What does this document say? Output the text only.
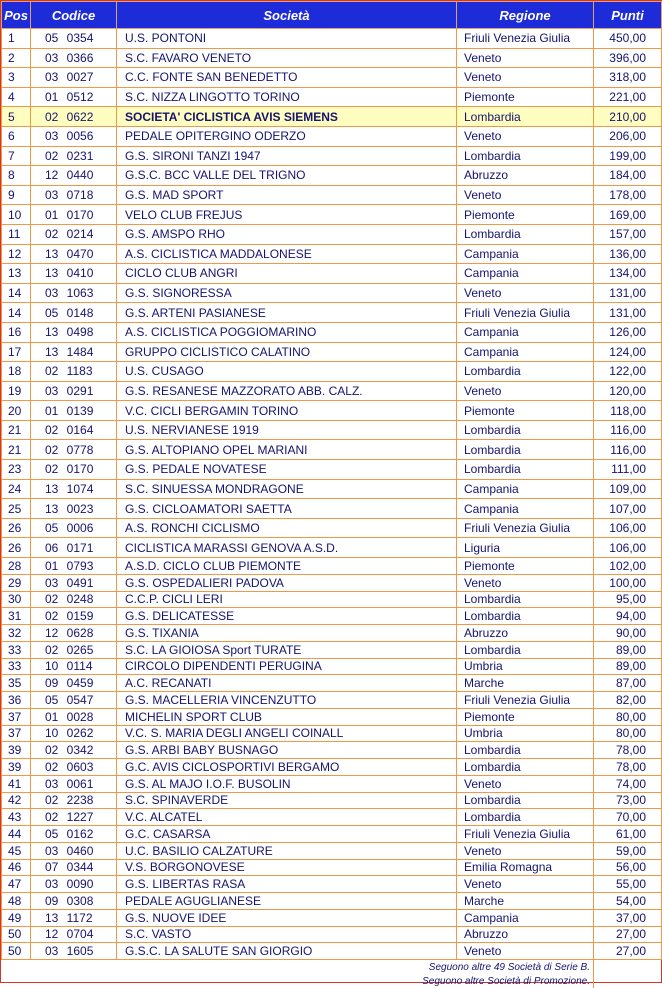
Pos	Codice	Società	Regione	Punti
1	05 0354	U.S. PONTONI	Friuli Venezia Giulia	450,00
2	03 0366	S.C. FAVARO VENETO	Veneto	396,00
3	03 0027	C.C. FONTE SAN BENEDETTO	Veneto	318,00
4	01 0512	S.C. NIZZA LINGOTTO TORINO	Piemonte	221,00
5	02 0622	SOCIETA' CICLISTICA AVIS SIEMENS	Lombardia	210,00
6	03 0056	PEDALE OPITERGINO ODERZO	Veneto	206,00
7	02 0231	G.S. SIRONI TANZI 1947	Lombardia	199,00
8	12 0440	G.S.C. BCC VALLE DEL TRIGNO	Abruzzo	184,00
9	03 0718	G.S. MAD SPORT	Veneto	178,00
10	01 0170	VELO CLUB FREJUS	Piemonte	169,00
11	02 0214	G.S. AMSPO RHO	Lombardia	157,00
12	13 0470	A.S. CICLISTICA MADDALONESE	Campania	136,00
13	13 0410	CICLO CLUB ANGRI	Campania	134,00
14	03 1063	G.S. SIGNORESSA	Veneto	131,00
14	05 0148	G.S. ARTENI PASIANESE	Friuli Venezia Giulia	131,00
16	13 0498	A.S. CICLISTICA POGGIOMARINO	Campania	126,00
17	13 1484	GRUPPO CICLISTICO CALATINO	Campania	124,00
18	02 1183	U.S. CUSAGO	Lombardia	122,00
19	03 0291	G.S. RESANESE MAZZORATO ABB. CALZ.	Veneto	120,00
20	01 0139	V.C. CICLI BERGAMIN TORINO	Piemonte	118,00
21	02 0164	U.S. NERVIANESE 1919	Lombardia	116,00
21	02 0778	G.S. ALTOPIANO OPEL MARIANI	Lombardia	116,00
23	02 0170	G.S. PEDALE NOVATESE	Lombardia	111,00
24	13 1074	S.C. SINUESSA MONDRAGONE	Campania	109,00
25	13 0023	G.S. CICLOAMATORI SAETTA	Campania	107,00
26	05 0006	A.S. RONCHI CICLISMO	Friuli Venezia Giulia	106,00
26	06 0171	CICLISTICA MARASSI GENOVA A.S.D.	Liguria	106,00
28	01 0793	A.S.D. CICLO CLUB PIEMONTE	Piemonte	102,00
29	03 0491	G.S. OSPEDALIERI PADOVA	Veneto	100,00
30	02 0248	C.C.P. CICLI LERI	Lombardia	95,00
31	02 0159	G.S. DELICATESSE	Lombardia	94,00
32	12 0628	G.S. TIXANIA	Abruzzo	90,00
33	02 0265	S.C. LA GIOIOSA Sport TURATE	Lombardia	89,00
33	10 0114	CIRCOLO DIPENDENTI PERUGINA	Umbria	89,00
35	09 0459	A.C. RECANATI	Marche	87,00
36	05 0547	G.S. MACELLERIA VINCENZUTTO	Friuli Venezia Giulia	82,00
37	01 0028	MICHELIN SPORT CLUB	Piemonte	80,00
37	10 0262	V.C. S. MARIA DEGLI ANGELI COINALL	Umbria	80,00
39	02 0342	G.S. ARBI BABY BUSNAGO	Lombardia	78,00
39	02 0603	G.C. AVIS CICLOSPORTIVI BERGAMO	Lombardia	78,00
41	03 0061	G.S. AL MAJO I.O.F. BUSOLIN	Veneto	74,00
42	02 2238	S.C. SPINAVERDE	Lombardia	73,00
43	02 1227	V.C. ALCATEL	Lombardia	70,00
44	05 0162	G.C. CASARSA	Friuli Venezia Giulia	61,00
45	03 0460	U.C. BASILIO CALZATURE	Veneto	59,00
46	07 0344	V.S. BORGONOVESE	Emilia Romagna	56,00
47	03 0090	G.S. LIBERTAS RASA	Veneto	55,00
48	09 0308	PEDALE AGUGLIANESE	Marche	54,00
49	13 1172	G.S. NUOVE IDEE	Campania	37,00
50	12 0704	S.C. VASTO	Abruzzo	27,00
50	03 1605	G.S.C. LA SALUTE SAN GIORGIO	Veneto	27,00
Seguono altre 49 Società di Serie B.				
Seguono altre Società di Promozione.				
